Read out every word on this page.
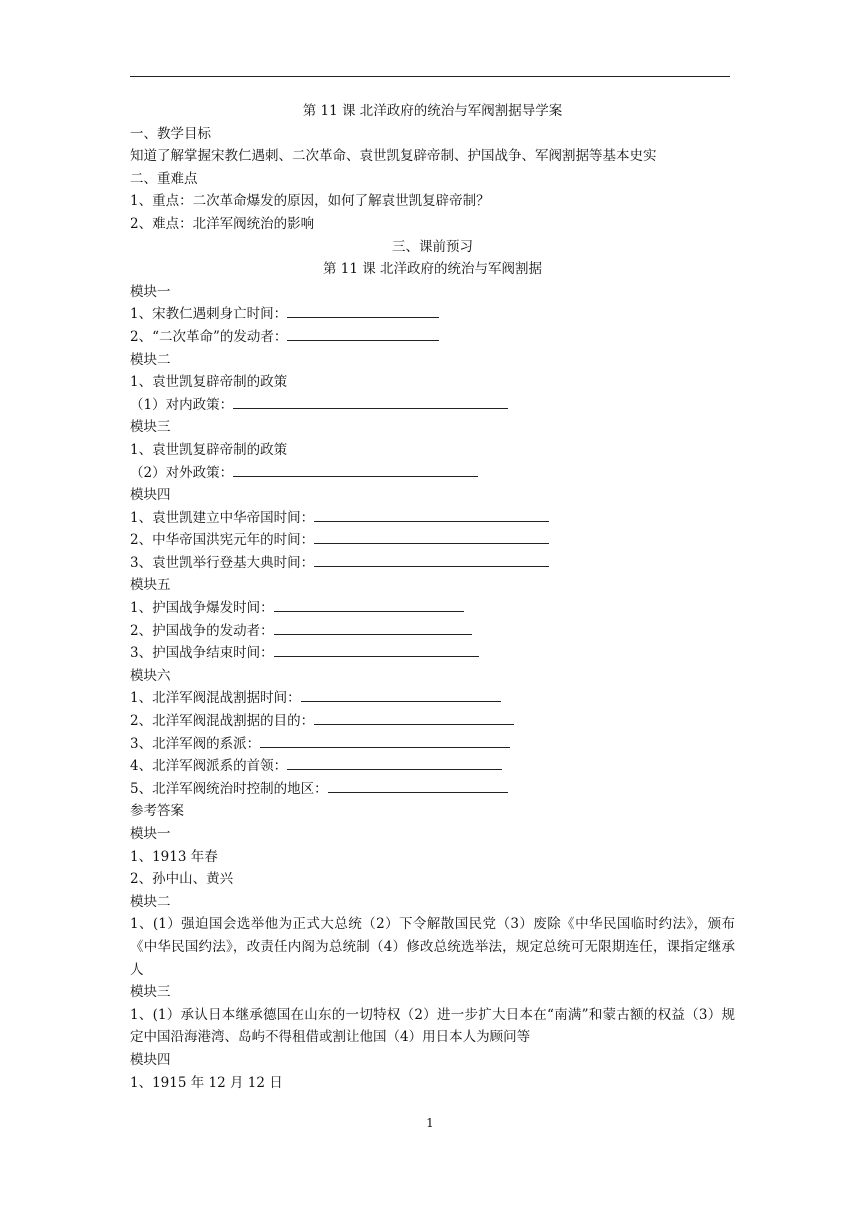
第 11 课 北洋政府的统治与军阀割据导学案
一、教学目标
知道了解掌握宋教仁遇刺、二次革命、袁世凯复辟帝制、护国战争、军阀割据等基本史实
二、重难点
1、重点：二次革命爆发的原因，如何了解袁世凯复辟帝制？
2、难点：北洋军阀统治的影响
三、课前预习
第 11 课 北洋政府的统治与军阀割据
模块一
1、宋教仁遇刺身亡时间：
2、“二次革命”的发动者：
模块二
1、袁世凯复辟帝制的政策
（1）对内政策：
模块三
1、袁世凯复辟帝制的政策
（2）对外政策：
模块四
1、袁世凯建立中华帝国时间：
2、中华帝国洪宪元年的时间：
3、袁世凯举行登基大典时间：
模块五
1、护国战争爆发时间：
2、护国战争的发动者：
3、护国战争结束时间：
模块六
1、北洋军阀混战割据时间：
2、北洋军阀混战割据的目的：
3、北洋军阀的系派：
4、北洋军阀派系的首领：
5、北洋军阀统治时控制的地区：
参考答案
模块一
1、1913 年春
2、孙中山、黄兴
模块二
1、(1）强迫国会选举他为正式大总统（2）下令解散国民党（3）废除《中华民国临时约法》，颁布《中华民国约法》，改责任内阁为总统制（4）修改总统选举法，规定总统可无限期连任，课指定继承人
模块三
1、(1）承认日本继承德国在山东的一切特权（2）进一步扩大日本在“南满”和蒙古额的权益（3）规定中国沿海港湾、岛屿不得租借或割让他国（4）用日本人为顾问等
模块四
1、1915 年 12 月 12 日
1
